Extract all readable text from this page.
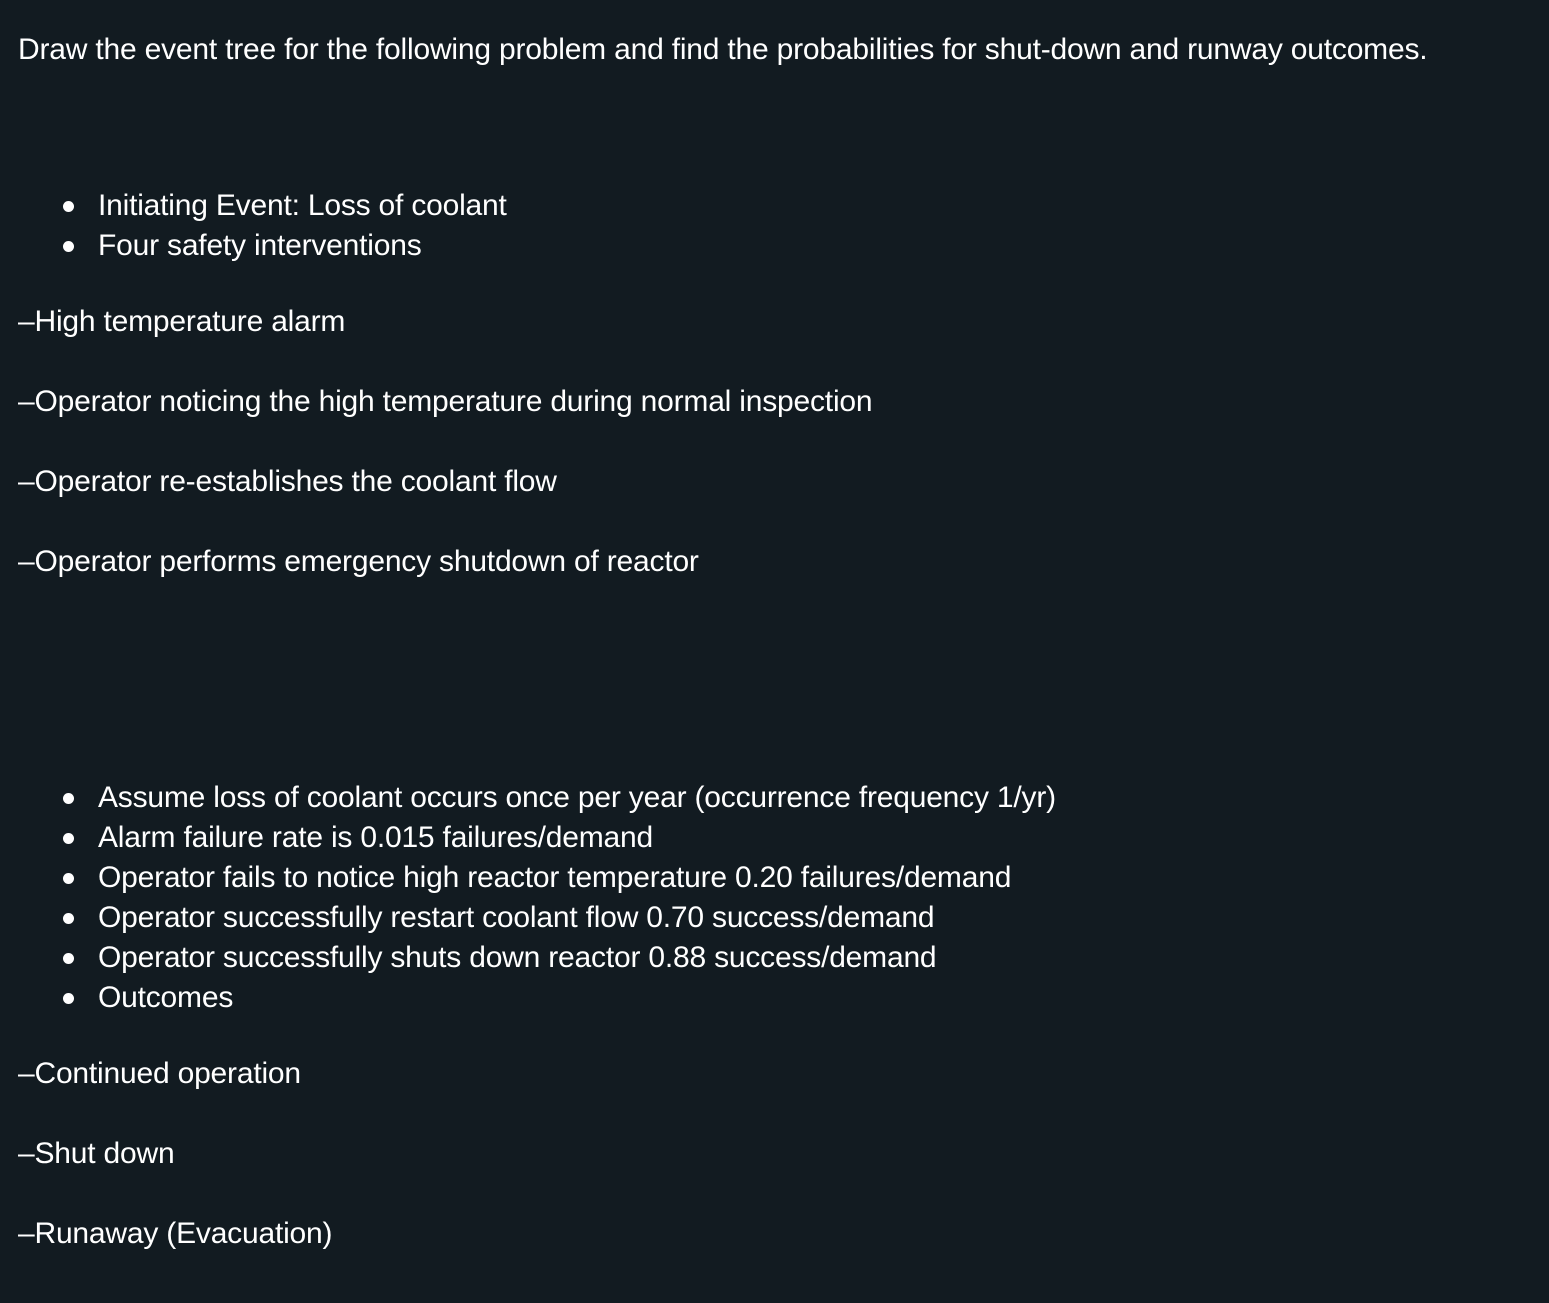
Draw the event tree for the following problem and find the probabilities for shut-down and runway outcomes.
Initiating Event: Loss of coolant
Four safety interventions
–High temperature alarm
–Operator noticing the high temperature during normal inspection
–Operator re-establishes the coolant flow
–Operator performs emergency shutdown of reactor
Assume loss of coolant occurs once per year (occurrence frequency 1/yr)
Alarm failure rate is 0.015 failures/demand
Operator fails to notice high reactor temperature 0.20 failures/demand
Operator successfully restart coolant flow 0.70 success/demand
Operator successfully shuts down reactor 0.88 success/demand
Outcomes
–Continued operation
–Shut down
–Runaway (Evacuation)
